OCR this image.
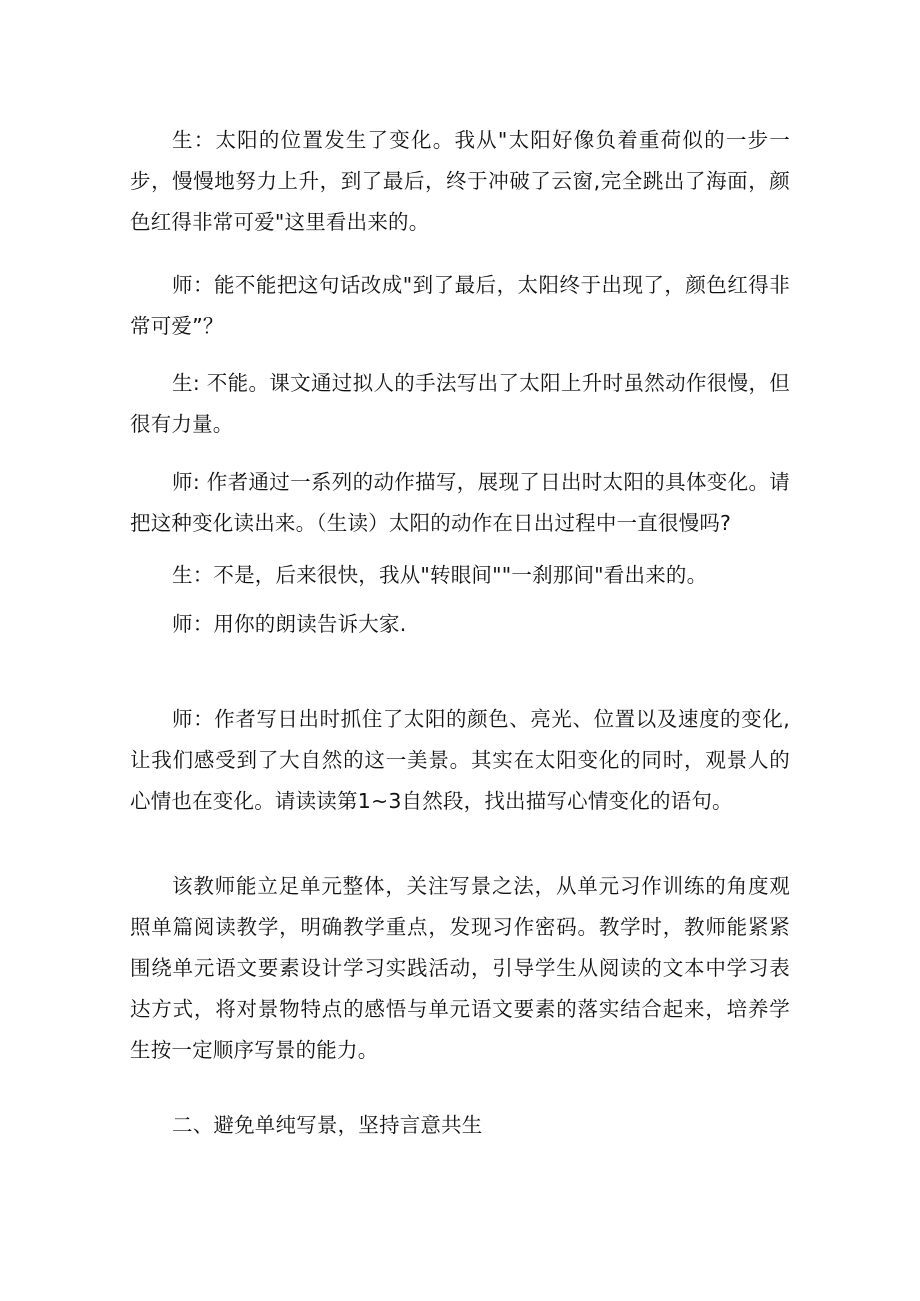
生：太阳的位置发生了变化。我从"太阳好像负着重荷似的一步一步，慢慢地努力上升，到了最后，终于冲破了云窗,完全跳出了海面，颜色红得非常可爱"这里看出来的。

师：能不能把这句话改成"到了最后，太阳终于出现了，颜色红得非常可爱”？

生: 不能。课文通过拟人的手法写出了太阳上升时虽然动作很慢，但很有力量。

师: 作者通过一系列的动作描写，展现了日出时太阳的具体变化。请把这种变化读出来。（生读）太阳的动作在日出过程中一直很慢吗?

生：不是，后来很快，我从"转眼间""一刹那间"看出来的。

师：用你的朗读告诉大家.

师：作者写日出时抓住了太阳的颜色、亮光、位置以及速度的变化,让我们感受到了大自然的这一美景。其实在太阳变化的同时，观景人的心情也在变化。请读读第1~3自然段，找出描写心情变化的语句。

该教师能立足单元整体，关注写景之法，从单元习作训练的角度观照单篇阅读教学，明确教学重点，发现习作密码。教学时，教师能紧紧围绕单元语文要素设计学习实践活动，引导学生从阅读的文本中学习表达方式，将对景物特点的感悟与单元语文要素的落实结合起来，培养学生按一定顺序写景的能力。

二、避免单纯写景，坚持言意共生
